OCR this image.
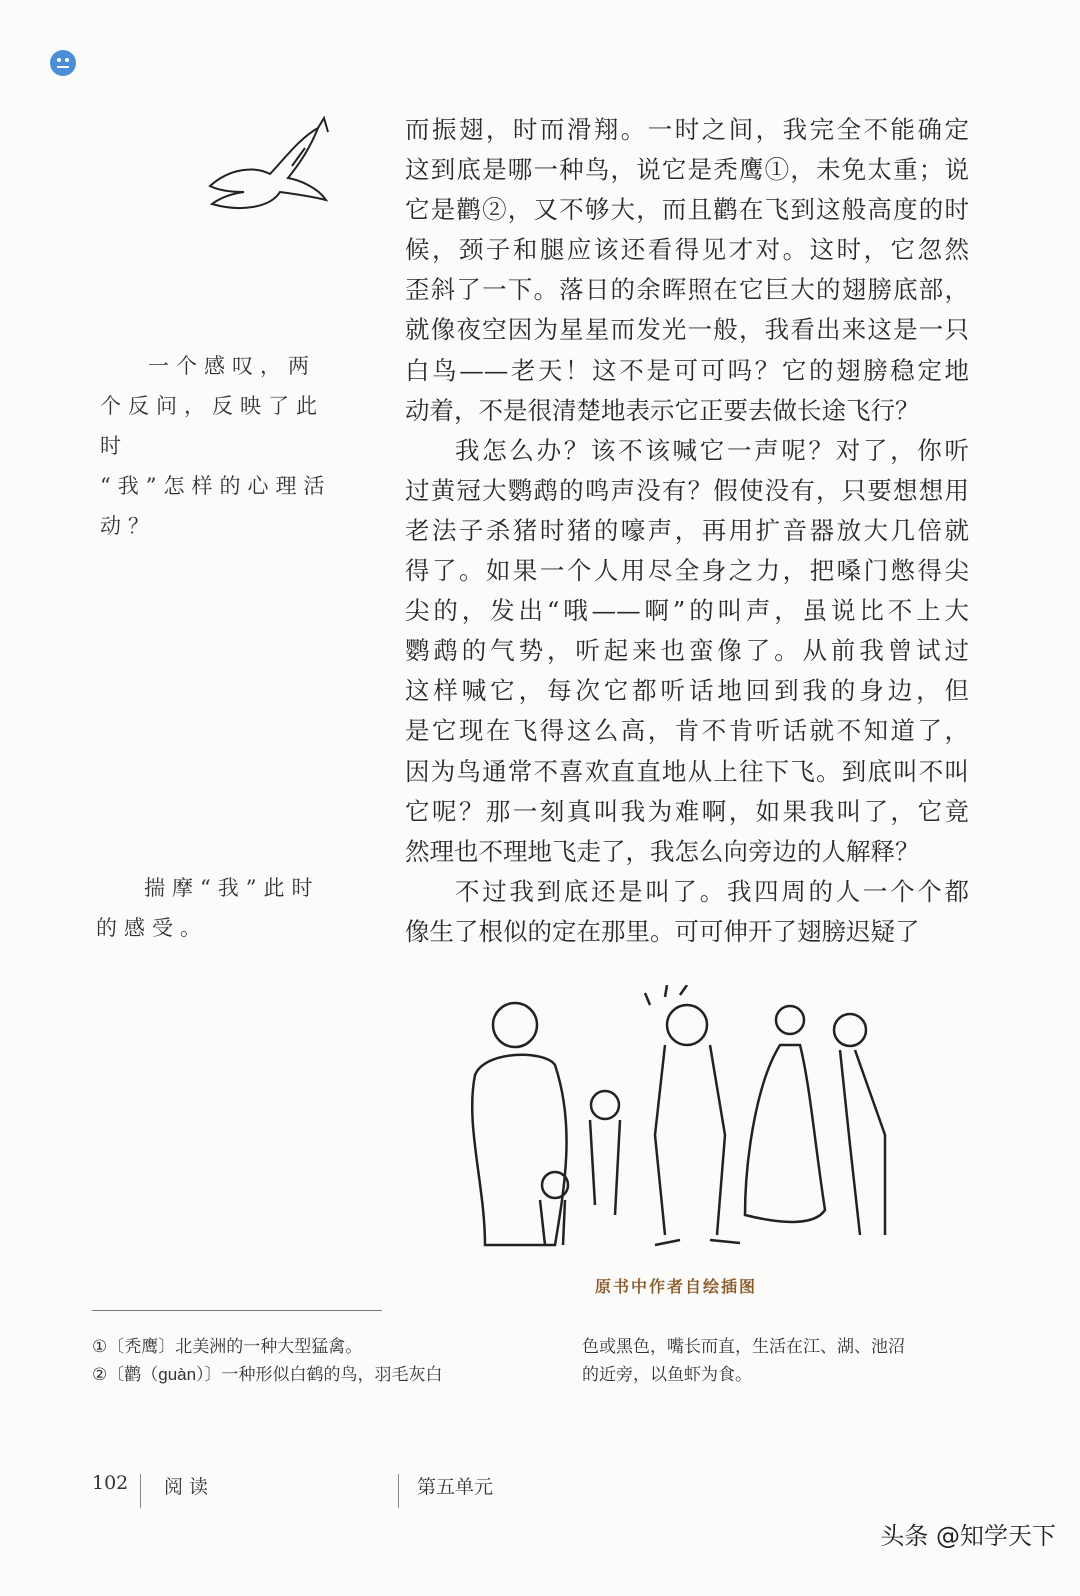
而振翅，时而滑翔。一时之间，我完全不能确定
这到底是哪一种鸟，说它是秃鹰①，未免太重；说
它是鹳②，又不够大，而且鹳在飞到这般高度的时
候，颈子和腿应该还看得见才对。这时，它忽然
歪斜了一下。落日的余晖照在它巨大的翅膀底部，
就像夜空因为星星而发光一般，我看出来这是一只
白鸟——老天！这不是可可吗？它的翅膀稳定地
动着，不是很清楚地表示它正要去做长途飞行？
我怎么办？该不该喊它一声呢？对了，你听
过黄冠大鹦鹉的鸣声没有？假使没有，只要想想用
老法子杀猪时猪的嚎声，再用扩音器放大几倍就
得了。如果一个人用尽全身之力，把嗓门憋得尖
尖的，发出“哦——啊”的叫声，虽说比不上大
鹦鹉的气势，听起来也蛮像了。从前我曾试过
这样喊它，每次它都听话地回到我的身边，但
是它现在飞得这么高，肯不肯听话就不知道了，
因为鸟通常不喜欢直直地从上往下飞。到底叫不叫
它呢？那一刻真叫我为难啊，如果我叫了，它竟
然理也不理地飞走了，我怎么向旁边的人解释？
不过我到底还是叫了。我四周的人一个个都
像生了根似的定在那里。可可伸开了翅膀迟疑了
一个感叹，两
个反问，反映了此时
“我”怎样的心理活
动？
揣摩“我”此时
的感受。
原书中作者自绘插图
①〔秃鹰〕北美洲的一种大型猛禽。
②〔鹳（guàn）〕一种形似白鹤的鸟，羽毛灰白
色或黑色，嘴长而直，生活在江、湖、池沼
的近旁，以鱼虾为食。
102 阅 读	第五单元
头条 @知学天下
